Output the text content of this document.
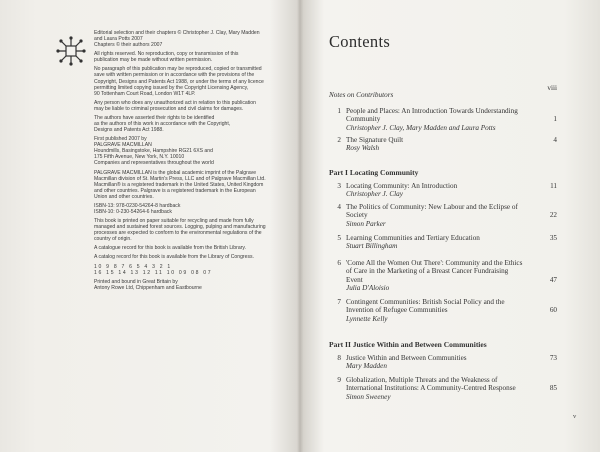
Editorial selection and their chapters © Christopher J. Clay, Mary Madden
and Laura Potts 2007
Chapters © their authors 2007

All rights reserved. No reproduction, copy or transmission of this
publication may be made without written permission.

No paragraph of this publication may be reproduced, copied or transmitted
save with written permission or in accordance with the provisions of the
Copyright, Designs and Patents Act 1988, or under the terms of any licence
permitting limited copying issued by the Copyright Licensing Agency,
90 Tottenham Court Road, London W1T 4LP.

Any person who does any unauthorized act in relation to this publication
may be liable to criminal prosecution and civil claims for damages.

The authors have asserted their rights to be identified
as the authors of this work in accordance with the Copyright,
Designs and Patents Act 1988.

First published 2007 by
PALGRAVE MACMILLAN
Houndmills, Basingstoke, Hampshire RG21 6XS and
175 Fifth Avenue, New York, N.Y. 10010
Companies and representatives throughout the world

PALGRAVE MACMILLAN is the global academic imprint of the Palgrave
Macmillan division of St. Martin's Press, LLC and of Palgrave Macmillan Ltd.
Macmillan® is a registered trademark in the United States, United Kingdom
and other countries. Palgrave is a registered trademark in the European
Union and other countries.

ISBN-13: 978-0230-54264-8 hardback
ISBN-10: 0-230-54264-6 hardback

This book is printed on paper suitable for recycling and made from fully
managed and sustained forest sources. Logging, pulping and manufacturing
processes are expected to conform to the environmental regulations of the
country of origin.

A catalogue record for this book is available from the British Library.

A catalog record for this book is available from the Library of Congress.

10 9 8 7 6 5 4 3 2 1

16 15 14 13 12 11 10 09 08 07

Printed and bound in Great Britain by
Antony Rowe Ltd, Chippenham and Eastbourne

Contents
Notes on Contributors
viii
1 People and Places: An Introduction Towards Understanding
Community
Christopher J. Clay, Mary Madden and Laura Potts
1
2 The Signature Quilt
Rosy Walsh
4
Part I Locating Community
3 Locating Community: An Introduction
Christopher J. Clay
11
4 The Politics of Community: New Labour and the Eclipse of
Society
Simon Parker
22
5 Learning Communities and Tertiary Education
Stuart Billingham
35
6 'Come All the Women Out There': Community and the Ethics
of Care in the Marketing of a Breast Cancer Fundraising
Event
Julia D'Aloisio
47
7 Contingent Communities: British Social Policy and the
Invention of Refugee Communities
Lynnette Kelly
60
Part II Justice Within and Between Communities
8 Justice Within and Between Communities
Mary Madden
73
9 Globalization, Multiple Threats and the Weakness of
International Institutions: A Community-Centred Response
Simon Sweeney
85
v
